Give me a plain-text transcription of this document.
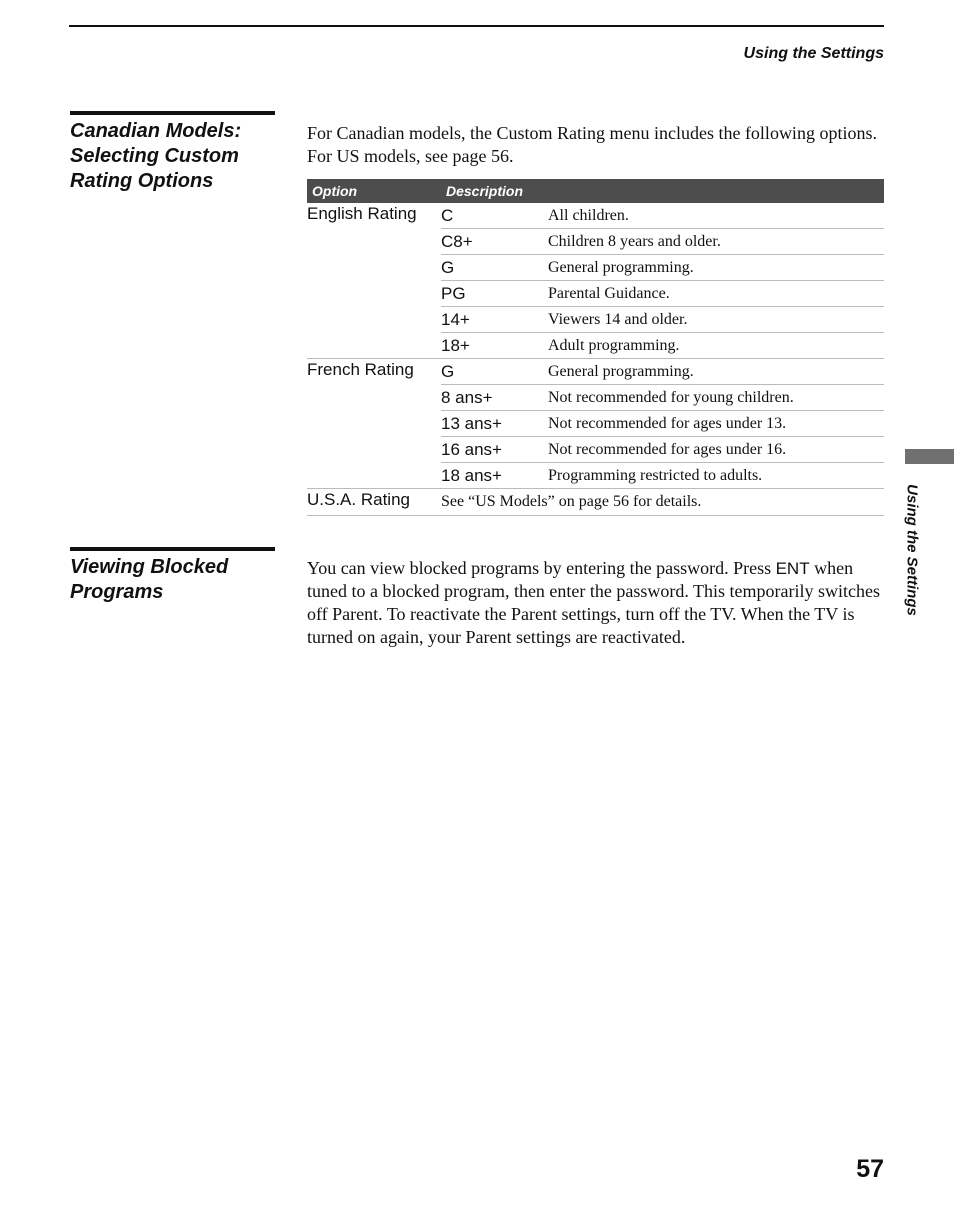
Using the Settings
Canadian Models:
Selecting Custom
Rating Options
For Canadian models, the Custom Rating menu includes the following options. For US models, see page 56.
Option	Description	
English Rating	C	All children.
	C8+	Children 8 years and older.
	G	General programming.
	PG	Parental Guidance.
	14+	Viewers 14 and older.
	18+	Adult programming.
French Rating	G	General programming.
	8 ans+	Not recommended for young children.
	13 ans+	Not recommended for ages under 13.
	16 ans+	Not recommended for ages under 16.
	18 ans+	Programming restricted to adults.
U.S.A. Rating	See “US Models” on page 56 for details.	
Viewing Blocked
Programs
You can view blocked programs by entering the password. Press ENT when tuned to a blocked program, then enter the password. This temporarily switches off Parent. To reactivate the Parent settings, turn off the TV. When the TV is turned on again, your Parent settings are reactivated.
Using the Settings
57
